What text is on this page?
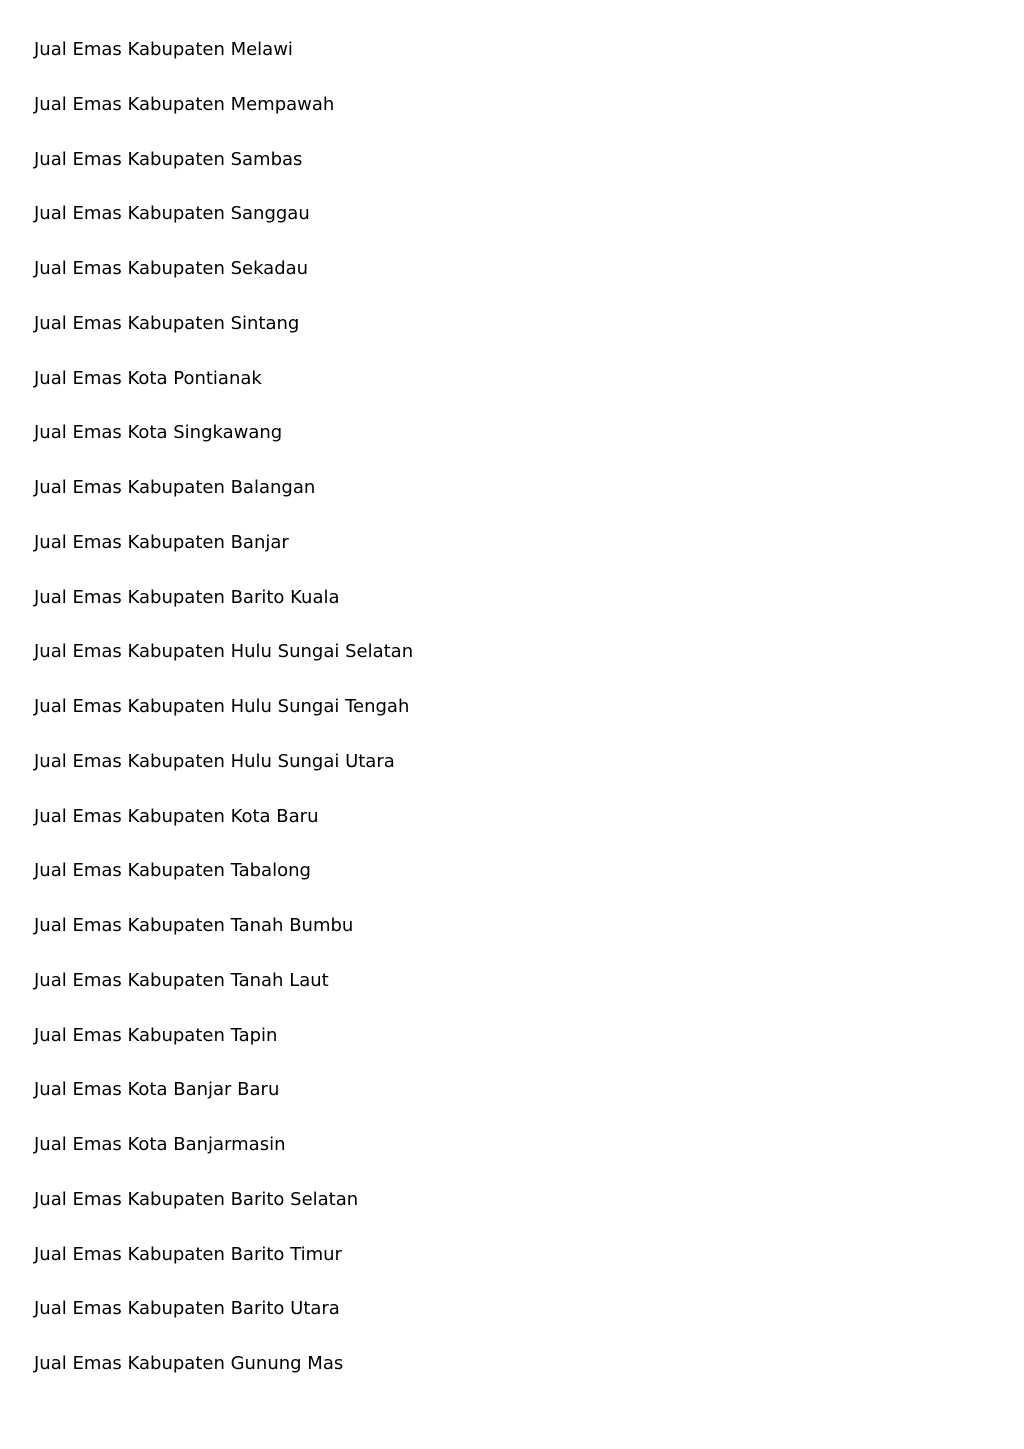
Jual Emas Kabupaten Melawi
Jual Emas Kabupaten Mempawah
Jual Emas Kabupaten Sambas
Jual Emas Kabupaten Sanggau
Jual Emas Kabupaten Sekadau
Jual Emas Kabupaten Sintang
Jual Emas Kota Pontianak
Jual Emas Kota Singkawang
Jual Emas Kabupaten Balangan
Jual Emas Kabupaten Banjar
Jual Emas Kabupaten Barito Kuala
Jual Emas Kabupaten Hulu Sungai Selatan
Jual Emas Kabupaten Hulu Sungai Tengah
Jual Emas Kabupaten Hulu Sungai Utara
Jual Emas Kabupaten Kota Baru
Jual Emas Kabupaten Tabalong
Jual Emas Kabupaten Tanah Bumbu
Jual Emas Kabupaten Tanah Laut
Jual Emas Kabupaten Tapin
Jual Emas Kota Banjar Baru
Jual Emas Kota Banjarmasin
Jual Emas Kabupaten Barito Selatan
Jual Emas Kabupaten Barito Timur
Jual Emas Kabupaten Barito Utara
Jual Emas Kabupaten Gunung Mas
